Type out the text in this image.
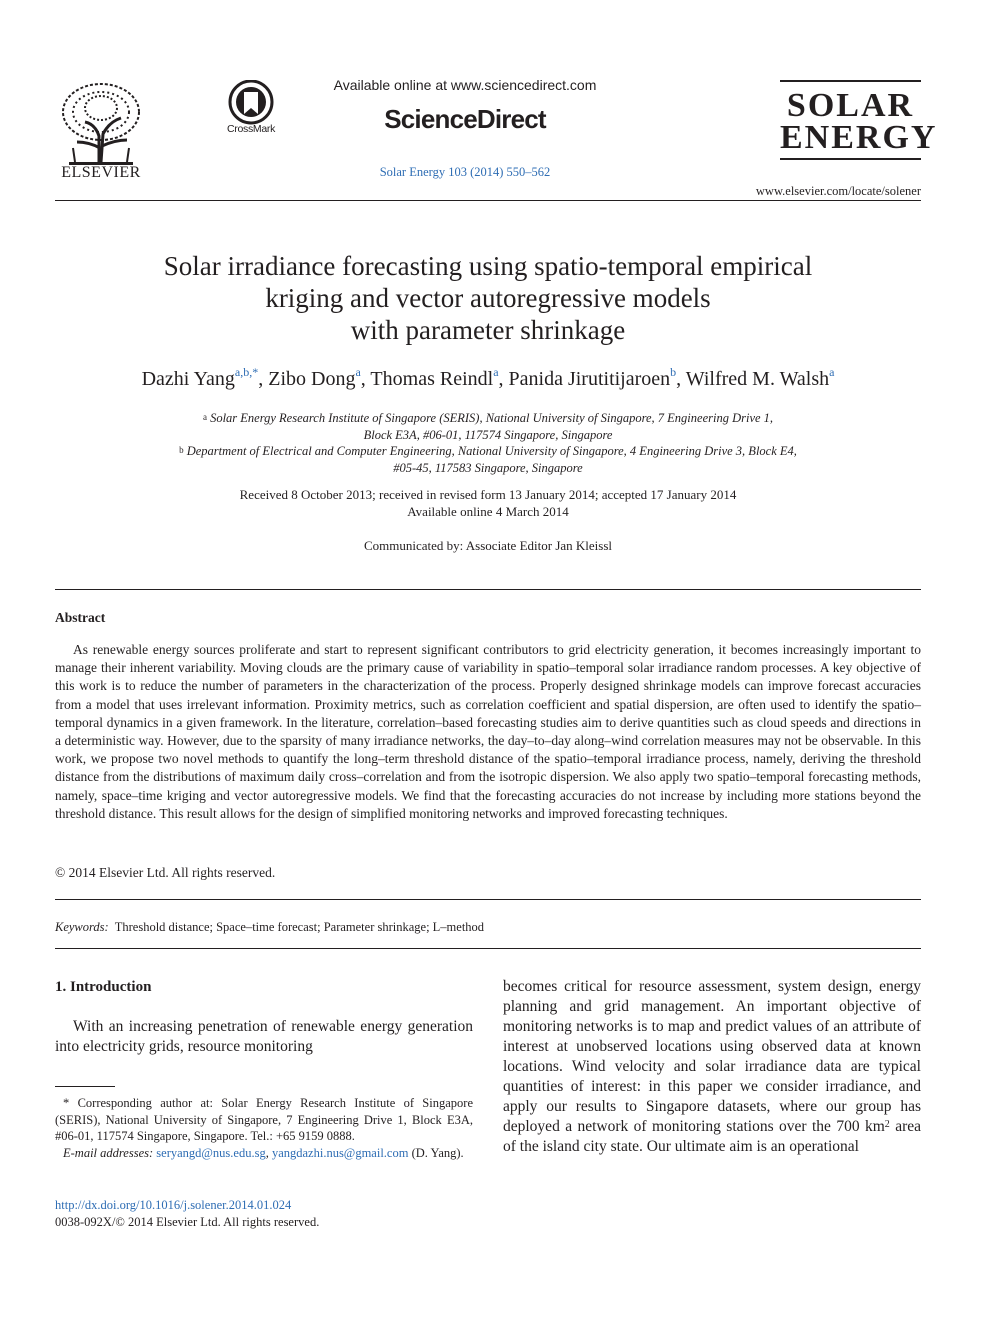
ELSEVIER
CrossMark
Available online at www.sciencedirect.com
ScienceDirect
Solar Energy 103 (2014) 550–562
SOLAR
ENERGY
www.elsevier.com/locate/solener
Solar irradiance forecasting using spatio-temporal empirical
kriging and vector autoregressive models
with parameter shrinkage
Dazhi Yang$^{a,b,*}$, Zibo Dong$^a$, Thomas Reindl$^a$, Panida Jirutitijaroen$^b$, Wilfred M. Walsh$^a$
$^a$ Solar Energy Research Institute of Singapore (SERIS), National University of Singapore, 7 Engineering Drive 1,
Block E3A, #06-01, 117574 Singapore, Singapore
$^b$ Department of Electrical and Computer Engineering, National University of Singapore, 4 Engineering Drive 3, Block E4,
#05-45, 117583 Singapore, Singapore
Received 8 October 2013; received in revised form 13 January 2014; accepted 17 January 2014
Available online 4 March 2014
Communicated by: Associate Editor Jan Kleissl
Abstract
As renewable energy sources proliferate and start to represent significant contributors to grid electricity generation, it becomes increasingly important to manage their inherent variability. Moving clouds are the primary cause of variability in spatio–temporal solar irradiance random processes. A key objective of this work is to reduce the number of parameters in the characterization of the process. Properly designed shrinkage models can improve forecast accuracies from a model that uses irrelevant information. Proximity metrics, such as correlation coefficient and spatial dispersion, are often used to identify the spatio–temporal dynamics in a given framework. In the literature, correlation–based forecasting studies aim to derive quantities such as cloud speeds and directions in a deterministic way. However, due to the sparsity of many irradiance networks, the day–to–day along–wind correlation measures may not be observable. In this work, we propose two novel methods to quantify the long–term threshold distance of the spatio–temporal irradiance process, namely, deriving the threshold distance from the distributions of maximum daily cross–correlation and from the isotropic dispersion. We also apply two spatio–temporal forecasting methods, namely, space–time kriging and vector autoregressive models. We find that the forecasting accuracies do not increase by including more stations beyond the threshold distance. This result allows for the design of simplified monitoring networks and improved forecasting techniques.
© 2014 Elsevier Ltd. All rights reserved.
Keywords: Threshold distance; Space–time forecast; Parameter shrinkage; L–method
1. Introduction
With an increasing penetration of renewable energy generation into electricity grids, resource monitoring
becomes critical for resource assessment, system design, energy planning and grid management. An important objective of monitoring networks is to map and predict values of an attribute of interest at unobserved locations using observed data at known locations. Wind velocity and solar irradiance data are typical quantities of interest: in this paper we consider irradiance, and apply our results to Singapore datasets, where our group has deployed a network of monitoring stations over the 700 $km^2$ area of the island city state. Our ultimate aim is an operational
* Corresponding author at: Solar Energy Research Institute of Singapore (SERIS), National University of Singapore, 7 Engineering Drive 1, Block E3A, #06-01, 117574 Singapore, Singapore. Tel.: +65 9159 0888.
E-mail addresses: seryangd@nus.edu.sg, yangdazhi.nus@gmail.com (D. Yang).
http://dx.doi.org/10.1016/j.solener.2014.01.024
0038-092X/© 2014 Elsevier Ltd. All rights reserved.
